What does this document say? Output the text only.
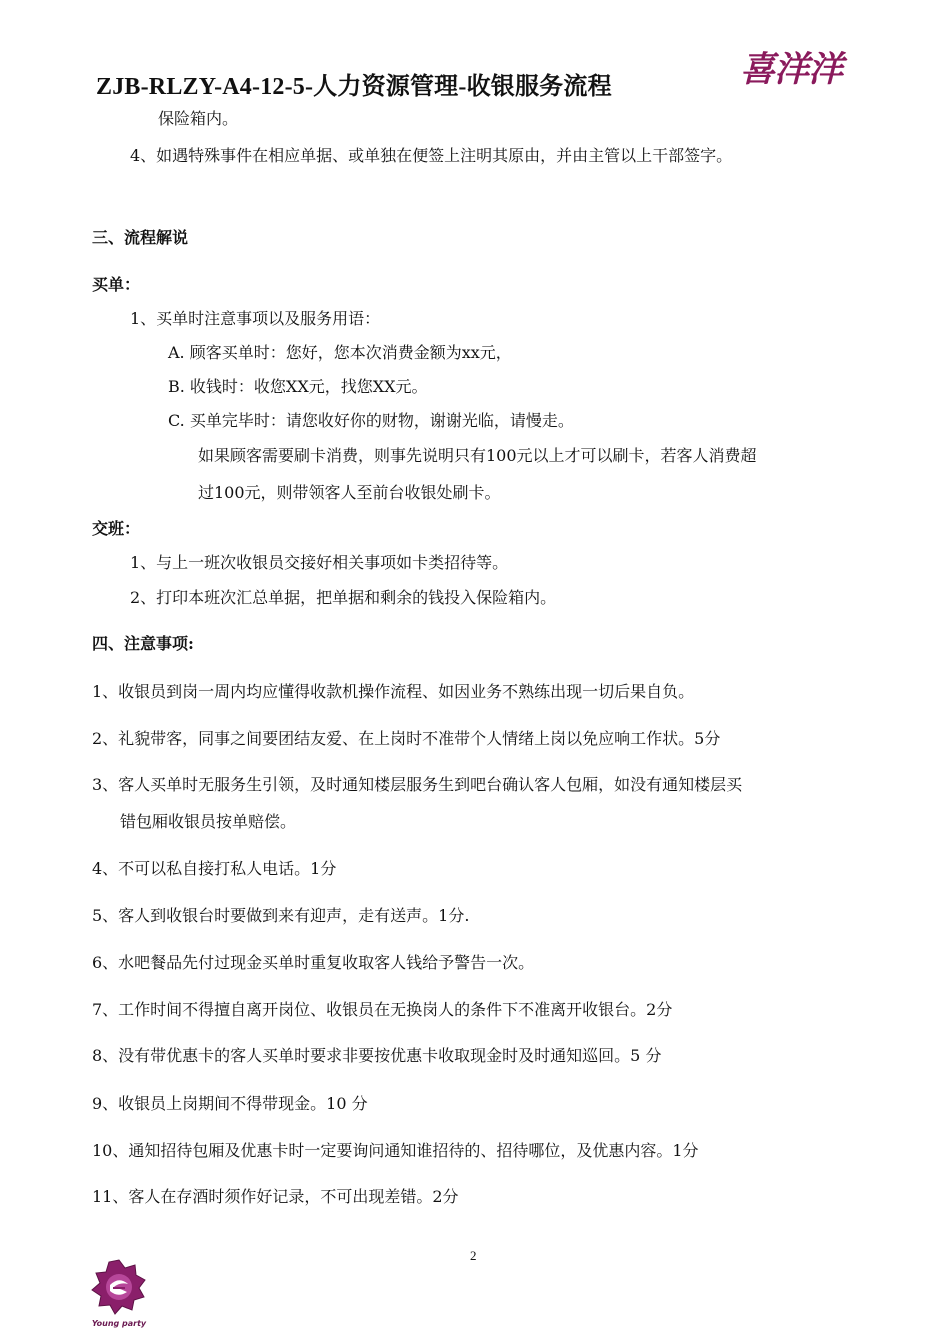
ZJB-RLZY-A4-12-5-人力资源管理-收银服务流程	喜洋洋
保险箱内。
4、如遇特殊事件在相应单据、或单独在便签上注明其原由，并由主管以上干部签字。
三、流程解说
买单：
1、买单时注意事项以及服务用语：
A. 顾客买单时：您好，您本次消费金额为xx元，
B. 收钱时：收您XX元，找您XX元。
C. 买单完毕时：请您收好你的财物，谢谢光临，请慢走。
如果顾客需要刷卡消费，则事先说明只有100元以上才可以刷卡，若客人消费超
过100元，则带领客人至前台收银处刷卡。
交班：
1、与上一班次收银员交接好相关事项如卡类招待等。
2、打印本班次汇总单据，把单据和剩余的钱投入保险箱内。
四、注意事项:
1、收银员到岗一周内均应懂得收款机操作流程、如因业务不熟练出现一切后果自负。
2、礼貌带客，同事之间要团结友爱、在上岗时不准带个人情绪上岗以免应响工作状。5分
3、客人买单时无服务生引领，及时通知楼层服务生到吧台确认客人包厢，如没有通知楼层买
错包厢收银员按单赔偿。
4、不可以私自接打私人电话。1分
5、客人到收银台时要做到来有迎声，走有送声。1分.
6、水吧餐品先付过现金买单时重复收取客人钱给予警告一次。
7、工作时间不得擅自离开岗位、收银员在无换岗人的条件下不准离开收银台。2分
8、没有带优惠卡的客人买单时要求非要按优惠卡收取现金时及时通知巡回。5 分
9、收银员上岗期间不得带现金。10 分
10、通知招待包厢及优惠卡时一定要询问通知谁招待的、招待哪位，及优惠内容。1分
11、客人在存酒时须作好记录，不可出现差错。2分
2
Young party
